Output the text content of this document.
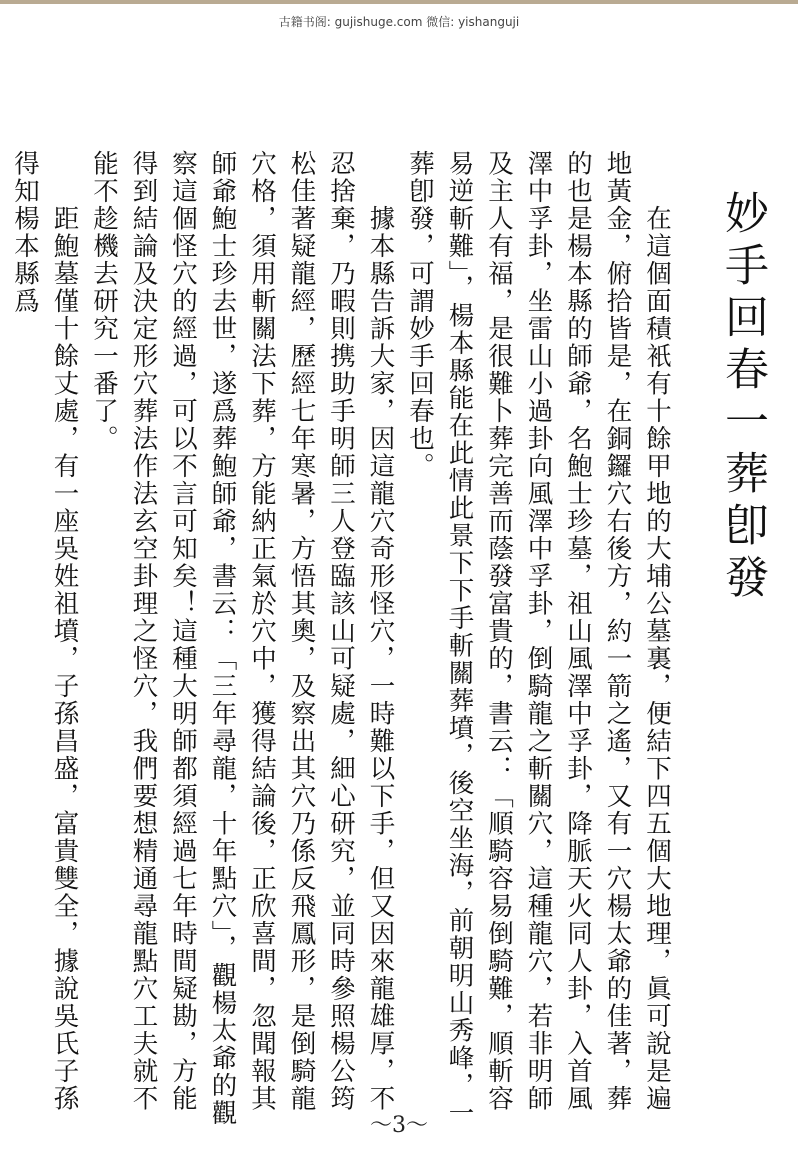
古籍书阁: gujishuge.com 微信: yishanguji
妙手回春一葬卽發
　　在這個面積衹有十餘甲地的大埔公墓裏，便結下四五個大地理，眞可說是遍地黃金，俯拾皆是，在銅鑼穴右後方，約一箭之遙，又有一穴楊太爺的佳著，葬的也是楊本縣的師爺，名鮑士珍墓，祖山風澤中孚卦，降脈天火同人卦，入首風澤中孚卦，坐雷山小過卦向風澤中孚卦，倒騎龍之斬關穴，這種龍穴，若非明師及主人有福，是很難卜葬完善而蔭發富貴的，書云：「順騎容易倒騎難，順斬容易逆斬難」，楊本縣能在此情此景下下手斬關葬墳，後空坐海，前朝明山秀峰，一葬卽發，可謂妙手回春也。
　　據本縣告訴大家，因這龍穴奇形怪穴，一時難以下手，但又因來龍雄厚，不忍捨棄，乃暇則携助手明師三人登臨該山可疑處，細心研究，並同時參照楊公筠松佳著疑龍經，歷經七年寒暑，方悟其奧，及察出其穴乃係反飛鳳形，是倒騎龍穴格，須用斬關法下葬，方能納正氣於穴中，獲得結論後，正欣喜間，忽聞報其師爺鮑士珍去世，遂爲葬鮑師爺，書云：「三年尋龍，十年點穴」，觀楊太爺的觀察這個怪穴的經過，可以不言可知矣！這種大明師都須經過七年時間疑勘，方能得到結論及決定形穴葬法作法玄空卦理之怪穴，我們要想精通尋龍點穴工夫就不能不趁機去研究一番了。
　　距鮑墓僅十餘丈處，有一座吳姓祖墳，子孫昌盛，富貴雙全，據說吳氏子孫得知楊本縣爲
～3～
